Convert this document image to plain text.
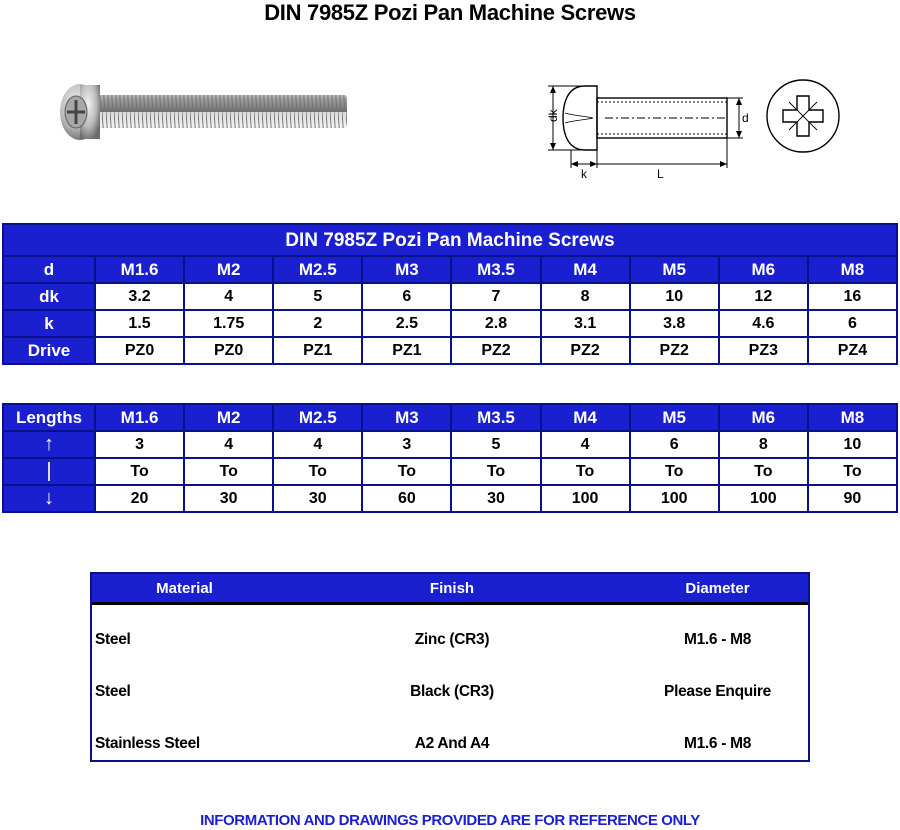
DIN 7985Z Pozi Pan Machine Screws
dk	d
k	L
DIN 7985Z Pozi Pan Machine Screws									
d	M1.6	M2	M2.5	M3	M3.5	M4	M5	M6	M8
dk	3.2	4	5	6	7	8	10	12	16
k	1.5	1.75	2	2.5	2.8	3.1	3.8	4.6	6
Drive	PZ0	PZ0	PZ1	PZ1	PZ2	PZ2	PZ2	PZ3	PZ4
Lengths	M1.6	M2	M2.5	M3	M3.5	M4	M5	M6	M8
↑	3	4	4	3	5	4	6	8	10
|	To	To	To	To	To	To	To	To	To
↓	20	30	30	60	30	100	100	100	90
Material	Finish	Diameter
Steel	Zinc (CR3)	M1.6 - M8
Steel	Black (CR3)	Please Enquire
Stainless Steel	A2 And A4	M1.6 - M8
INFORMATION AND DRAWINGS PROVIDED ARE FOR REFERENCE ONLY
